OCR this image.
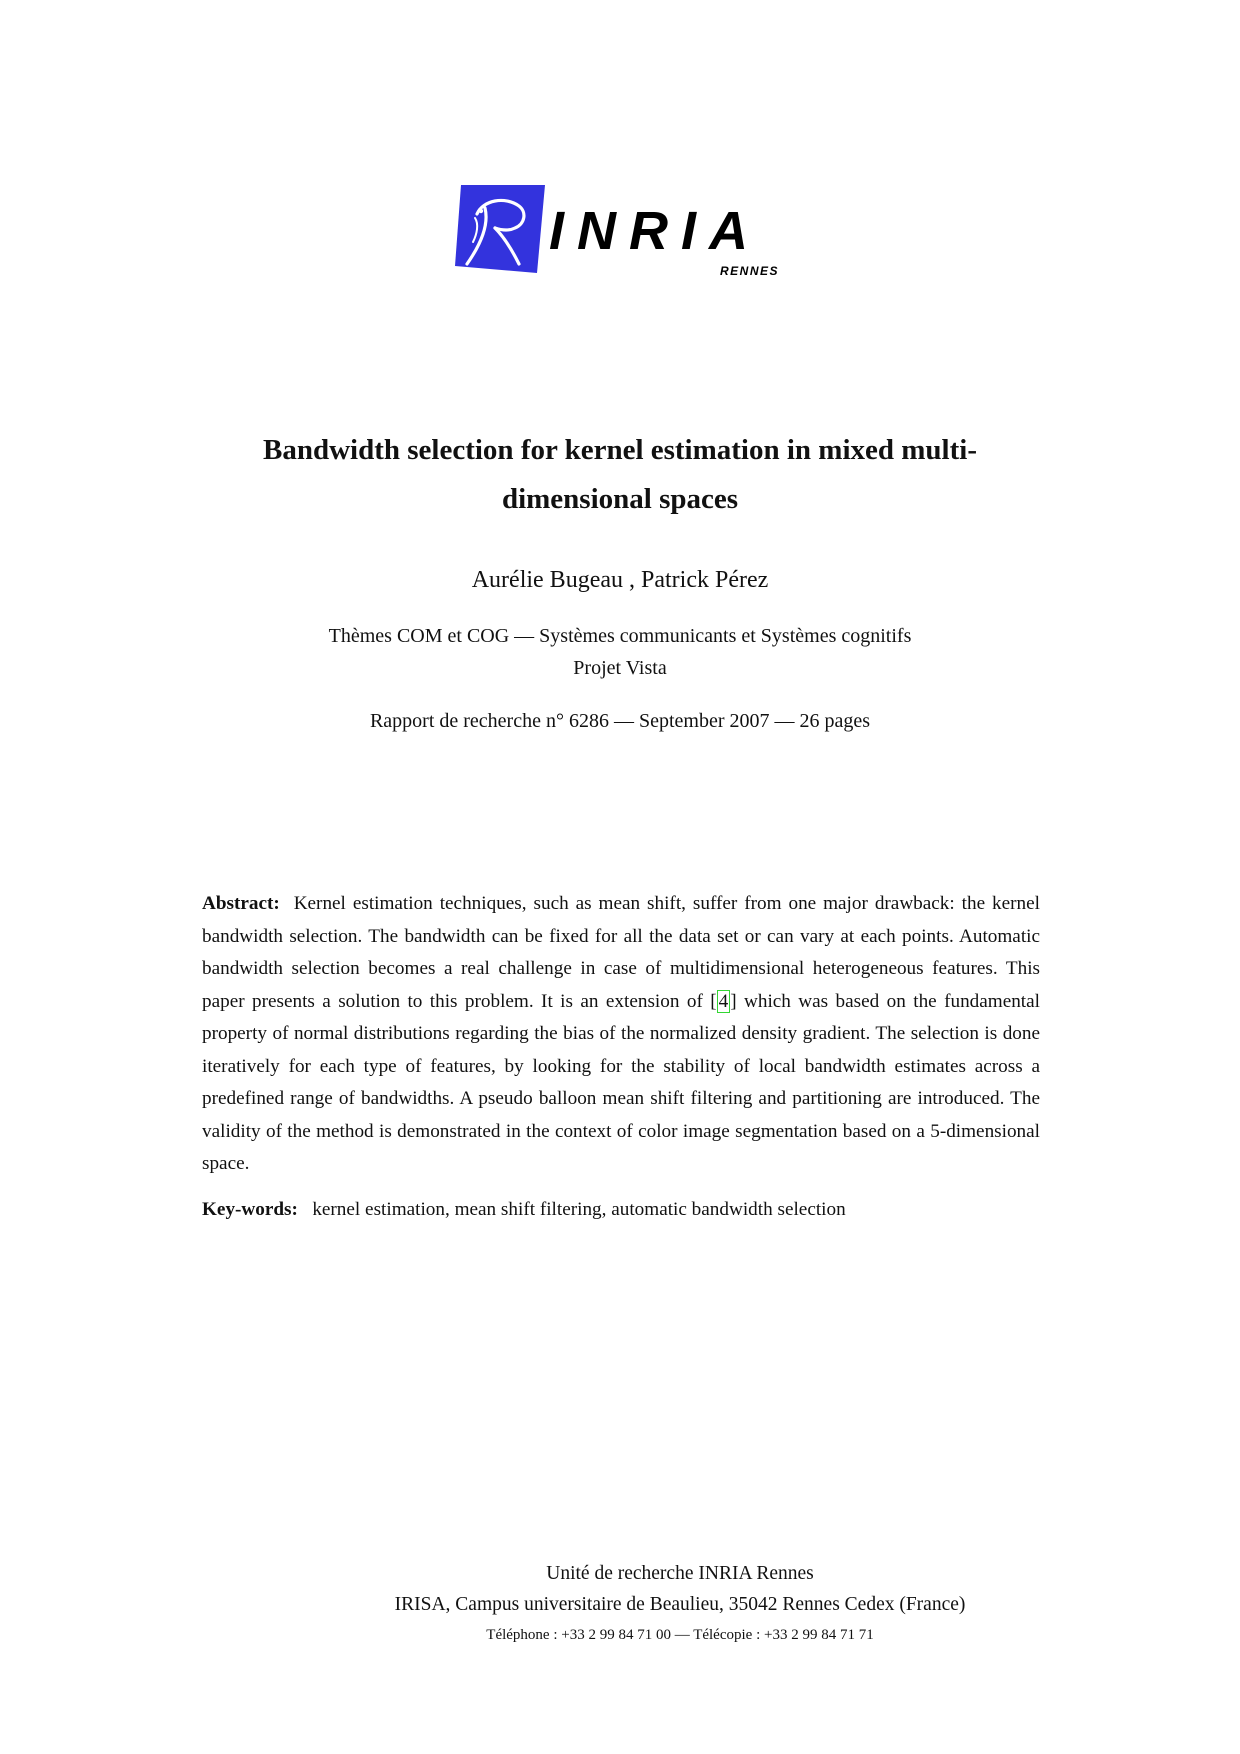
INRIA
RENNES
Bandwidth selection for kernel estimation in mixed multi-dimensional spaces
Aurélie Bugeau , Patrick Pérez
Thèmes COM et COG — Systèmes communicants et Systèmes cognitifs
Projet Vista
Rapport de recherche n° 6286 — September 2007 — 26 pages

Abstract: Kernel estimation techniques, such as mean shift, suffer from one major drawback: the kernel bandwidth selection. The bandwidth can be fixed for all the data set or can vary at each points. Automatic bandwidth selection becomes a real challenge in case of multidimensional heterogeneous features. This paper presents a solution to this problem. It is an extension of [ 4 ] which was based on the fundamental property of normal distributions regarding the bias of the normalized density gradient. The selection is done iteratively for each type of features, by looking for the stability of local bandwidth estimates across a predefined range of bandwidths. A pseudo balloon mean shift filtering and partitioning are introduced. The validity of the method is demonstrated in the context of color image segmentation based on a 5-dimensional space.

Key-words: kernel estimation, mean shift filtering, automatic bandwidth selection

Unité de recherche INRIA Rennes
IRISA, Campus universitaire de Beaulieu, 35042 Rennes Cedex (France)
Téléphone : +33 2 99 84 71 00 — Télécopie : +33 2 99 84 71 71
